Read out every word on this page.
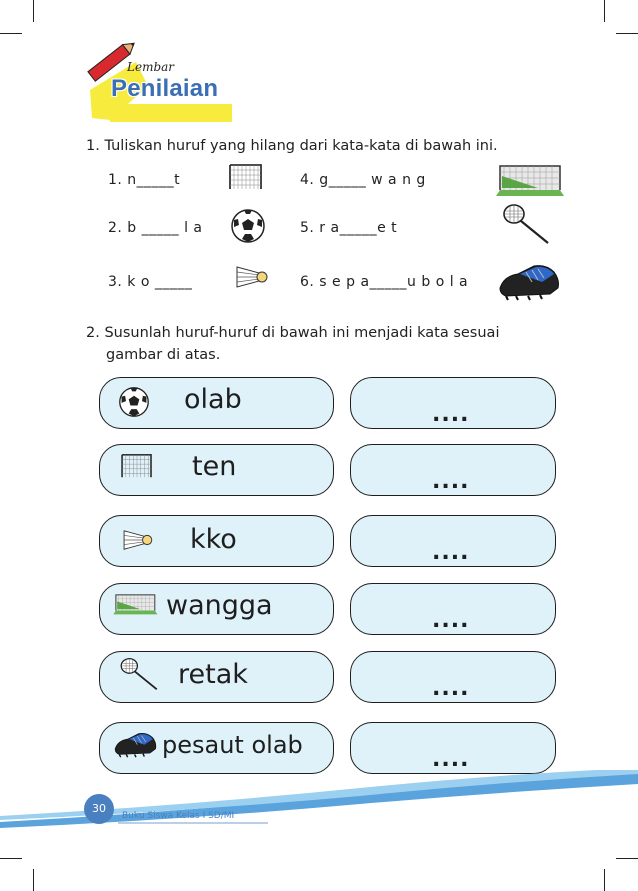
Lembar
Penilaian
1. Tuliskan huruf yang hilang dari kata-kata di bawah ini.
1. n_____t
2. b _____ l a
3. k o _____
4. g_____ w a n g
5. r a_____e t
6. s e p a_____u b o l a
2. Susunlah huruf-huruf di bawah ini menjadi kata sesuai
gambar di atas.
olab
ten
kko
wangga
retak
pesaut olab
....
....
....
....
....
....
30
Buku Siswa Kelas I SD/MI
